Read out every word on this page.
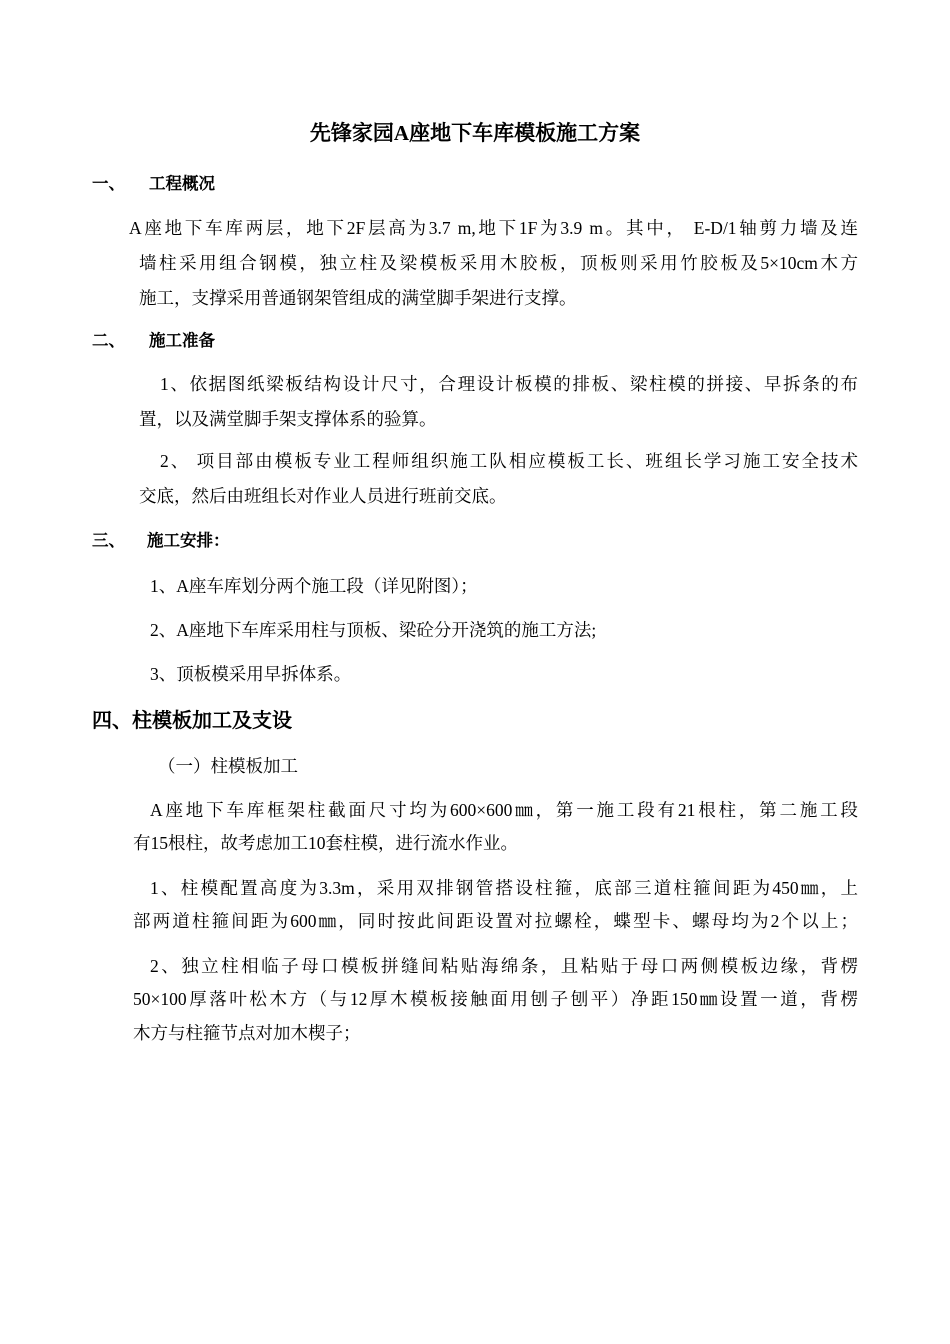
先锋家园A座地下车库模板施工方案
一、 工程概况
A座地下车库两层，地下2F层高为3.7 m,地下1F为3.9 m。其中， E-D/1轴剪力墙及连
墙柱采用组合钢模，独立柱及梁模板采用木胶板，顶板则采用竹胶板及5×10cm木方
施工，支撑采用普通钢架管组成的满堂脚手架进行支撑。
二、 施工准备
1、依据图纸梁板结构设计尺寸，合理设计板模的排板、梁柱模的拼接、早拆条的布
置，以及满堂脚手架支撑体系的验算。
2、 项目部由模板专业工程师组织施工队相应模板工长、班组长学习施工安全技术
交底，然后由班组长对作业人员进行班前交底。
三、 施工安排：
1、A座车库划分两个施工段（详见附图）；
2、A座地下车库采用柱与顶板、梁砼分开浇筑的施工方法;
3、顶板模采用早拆体系。
四、柱模板加工及支设
（一）柱模板加工
A座地下车库框架柱截面尺寸均为600×600㎜，第一施工段有21根柱，第二施工段
有15根柱，故考虑加工10套柱模，进行流水作业。
1、柱模配置高度为3.3m，采用双排钢管搭设柱箍，底部三道柱箍间距为450㎜，上
部两道柱箍间距为600㎜，同时按此间距设置对拉螺栓，蝶型卡、螺母均为2个以上；
2、独立柱相临子母口模板拼缝间粘贴海绵条，且粘贴于母口两侧模板边缘，背楞
50×100厚落叶松木方（与12厚木模板接触面用刨子刨平）净距150㎜设置一道，背楞
木方与柱箍节点对加木楔子；
